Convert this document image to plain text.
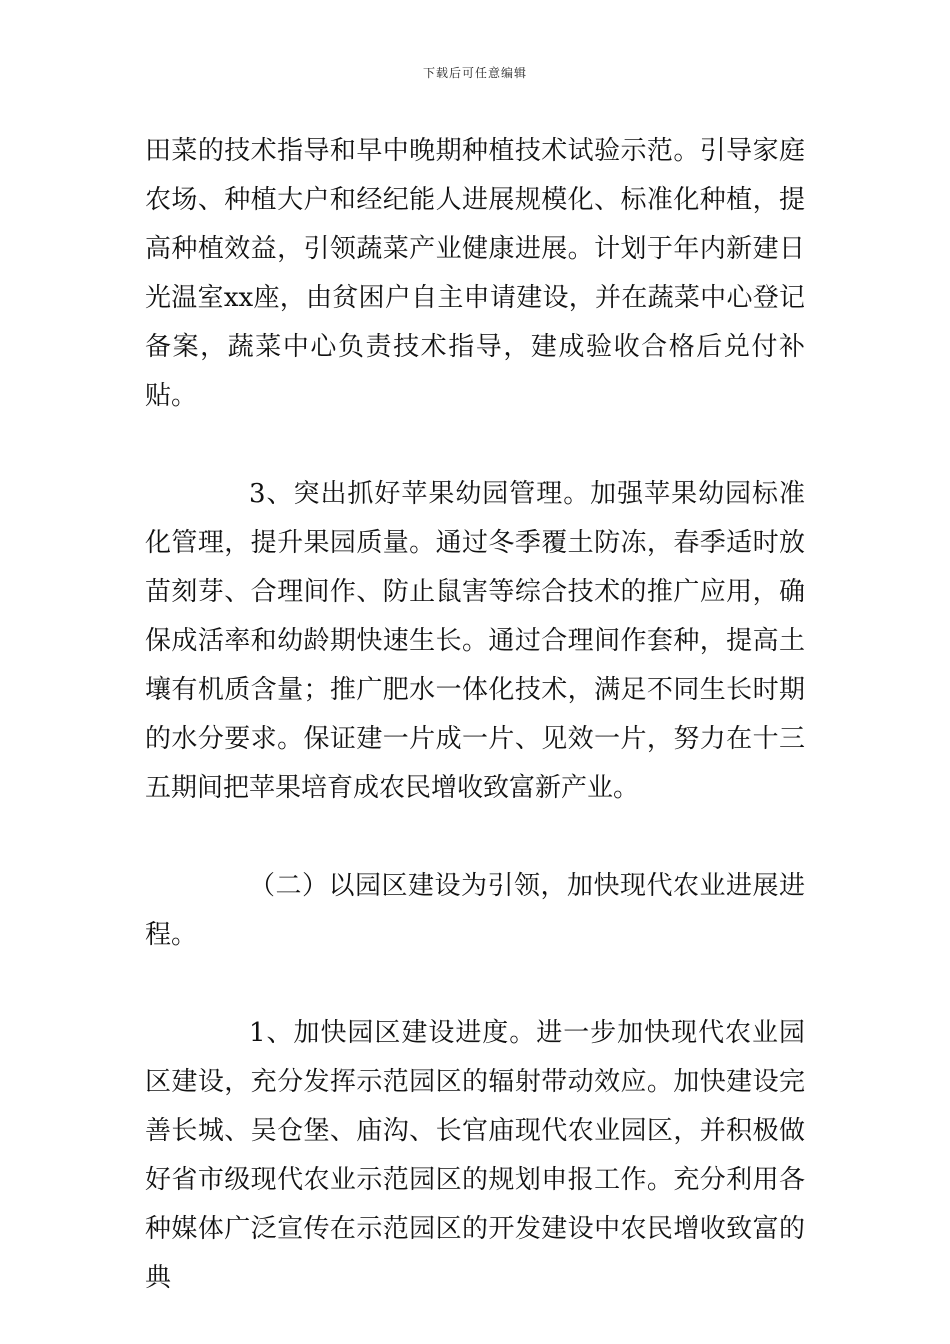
下载后可任意编辑

田菜的技术指导和早中晚期种植技术试验示范。引导家庭农场、种植大户和经纪能人进展规模化、标准化种植，提高种植效益，引领蔬菜产业健康进展。计划于年内新建日光温室xx座，由贫困户自主申请建设，并在蔬菜中心登记备案，蔬菜中心负责技术指导，建成验收合格后兑付补贴。

3、突出抓好苹果幼园管理。加强苹果幼园标准化管理，提升果园质量。通过冬季覆土防冻，春季适时放苗刻芽、合理间作、防止鼠害等综合技术的推广应用，确保成活率和幼龄期快速生长。通过合理间作套种，提高土壤有机质含量；推广肥水一体化技术，满足不同生长时期的水分要求。保证建一片成一片、见效一片，努力在十三五期间把苹果培育成农民增收致富新产业。

（二）以园区建设为引领，加快现代农业进展进程。

1、加快园区建设进度。进一步加快现代农业园区建设，充分发挥示范园区的辐射带动效应。加快建设完善长城、吴仓堡、庙沟、长官庙现代农业园区，并积极做好省市级现代农业示范园区的规划申报工作。充分利用各种媒体广泛宣传在示范园区的开发建设中农民增收致富的典
